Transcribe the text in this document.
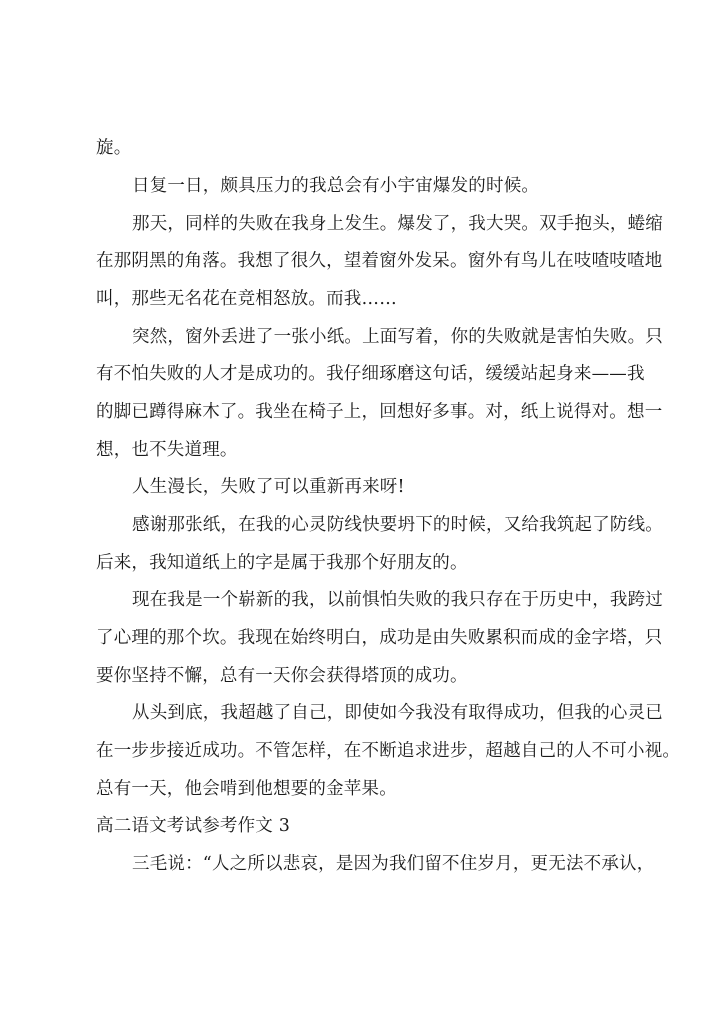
旋。
日复一日，颇具压力的我总会有小宇宙爆发的时候。
那天，同样的失败在我身上发生。爆发了，我大哭。双手抱头，蜷缩
在那阴黑的角落。我想了很久，望着窗外发呆。窗外有鸟儿在吱喳吱喳地
叫，那些无名花在竞相怒放。而我……
突然，窗外丢进了一张小纸。上面写着，你的失败就是害怕失败。只
有不怕失败的人才是成功的。我仔细琢磨这句话，缓缓站起身来——我
的脚已蹲得麻木了。我坐在椅子上，回想好多事。对，纸上说得对。想一
想，也不失道理。
人生漫长，失败了可以重新再来呀!
感谢那张纸，在我的心灵防线快要坍下的时候，又给我筑起了防线。
后来，我知道纸上的字是属于我那个好朋友的。
现在我是一个崭新的我，以前惧怕失败的我只存在于历史中，我跨过
了心理的那个坎。我现在始终明白，成功是由失败累积而成的金字塔，只
要你坚持不懈，总有一天你会获得塔顶的成功。
从头到底，我超越了自己，即使如今我没有取得成功，但我的心灵已
在一步步接近成功。不管怎样，在不断追求进步，超越自己的人不可小视。
总有一天，他会啃到他想要的金苹果。
高二语文考试参考作文 3
三毛说：“人之所以悲哀，是因为我们留不住岁月，更无法不承认，
